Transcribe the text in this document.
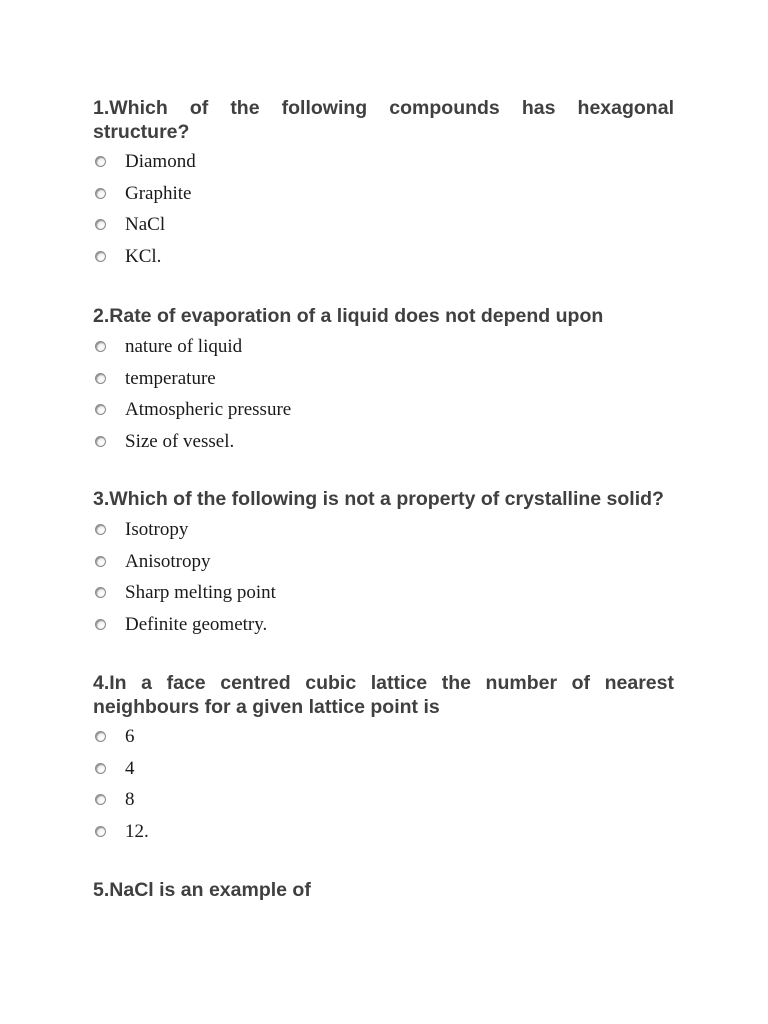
1.Which of the following compounds has hexagonal structure?

Diamond
Graphite
NaCl
KCl.

2.Rate of evaporation of a liquid does not depend upon

nature of liquid
temperature
Atmospheric pressure
Size of vessel.

3.Which of the following is not a property of crystalline solid?

Isotropy
Anisotropy
Sharp melting point
Definite geometry.

4.In a face centred cubic lattice the number of nearest neighbours for a given lattice point is

6
4
8
12.

5.NaCl is an example of
